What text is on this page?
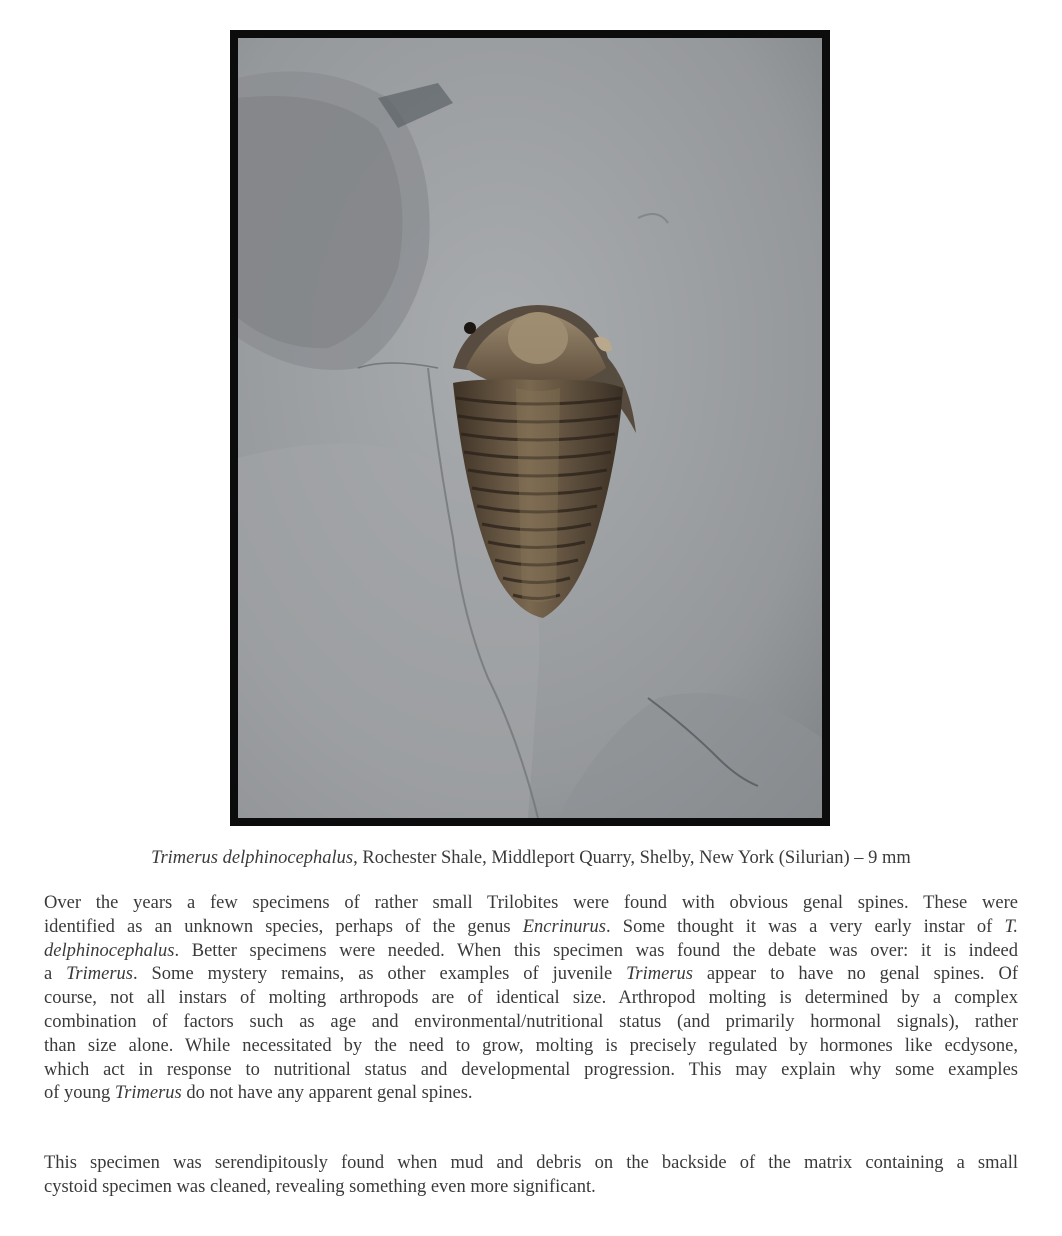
Trimerus delphinocephalus, Rochester Shale, Middleport Quarry, Shelby, New York (Silurian) – 9 mm
Over the years a few specimens of rather small Trilobites were found with obvious genal spines. These were
identified as an unknown species, perhaps of the genus Encrinurus. Some thought it was a very early instar of T.
delphinocephalus. Better specimens were needed. When this specimen was found the debate was over: it is indeed
a Trimerus. Some mystery remains, as other examples of juvenile Trimerus appear to have no genal spines. Of
course, not all instars of molting arthropods are of identical size. Arthropod molting is determined by a complex
combination of factors such as age and environmental/nutritional status (and primarily hormonal signals), rather
than size alone. While necessitated by the need to grow, molting is precisely regulated by hormones like ecdysone,
which act in response to nutritional status and developmental progression. This may explain why some examples
of young Trimerus do not have any apparent genal spines.
This specimen was serendipitously found when mud and debris on the backside of the matrix containing a small
cystoid specimen was cleaned, revealing something even more significant.
